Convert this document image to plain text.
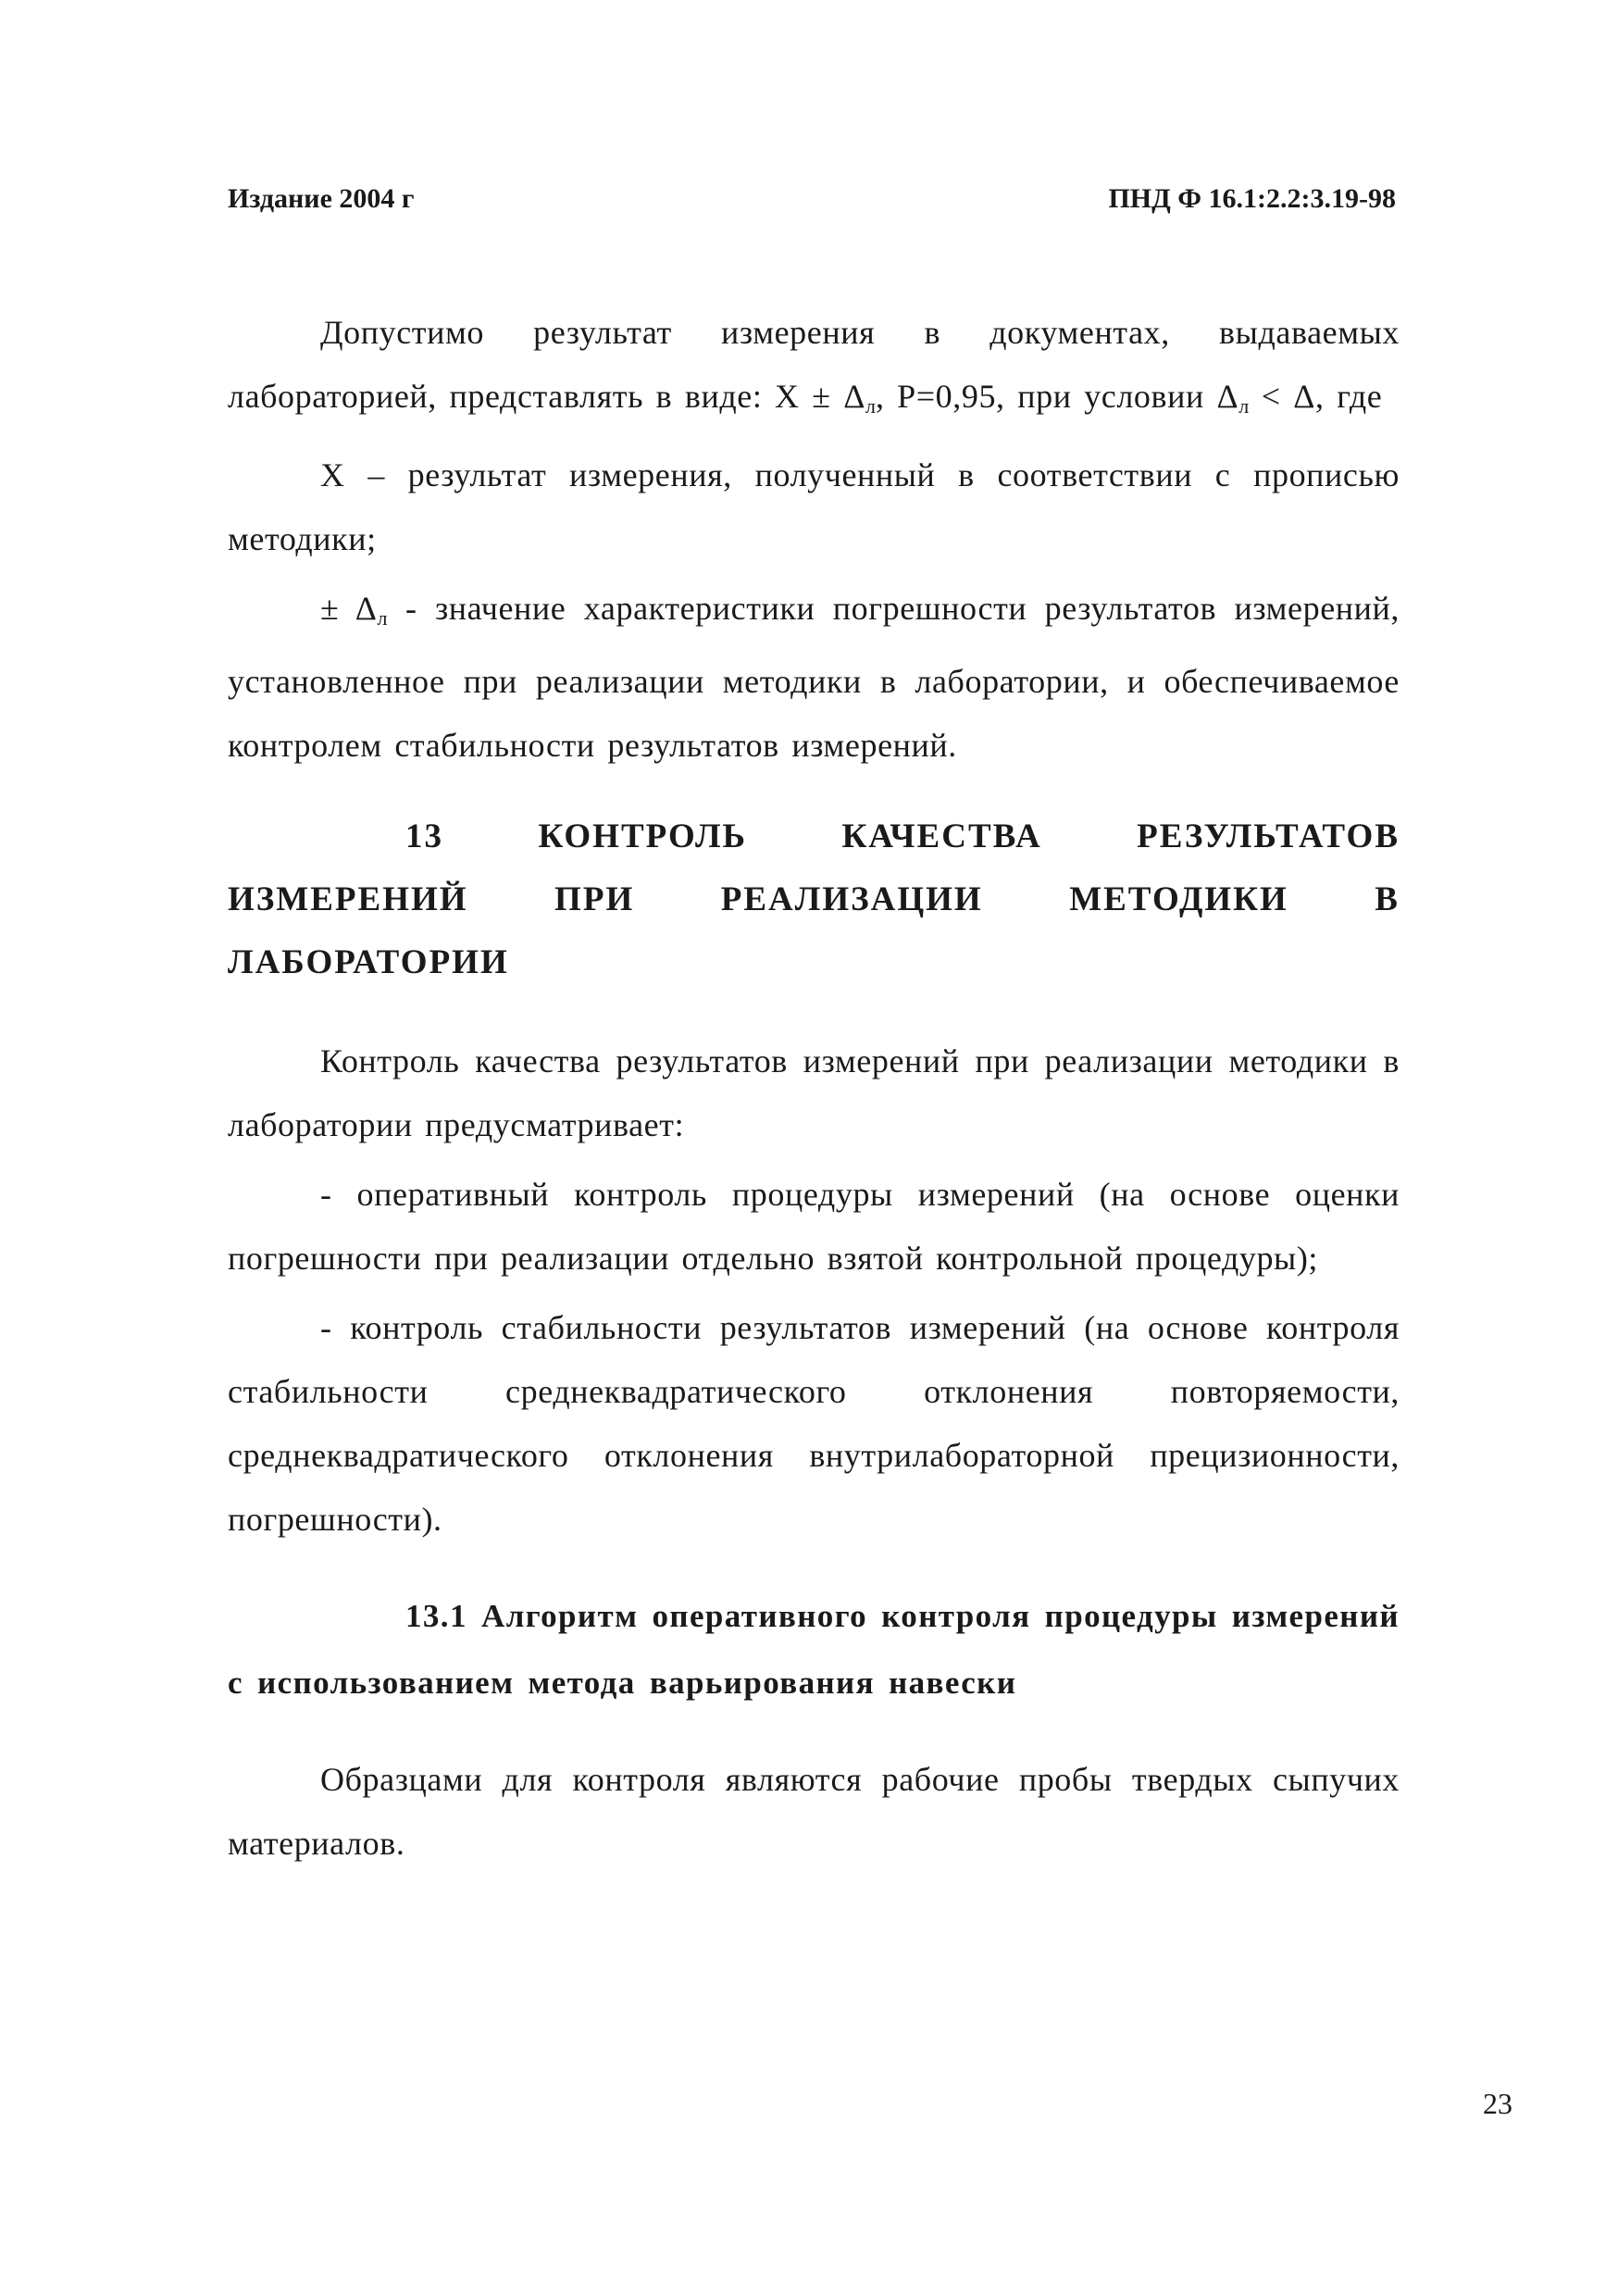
Издание 2004 г	ПНД Ф 16.1:2.2:3.19-98

Допустимо результат измерения в документах, выдаваемых лабораторией, представлять в виде: $X \pm \Delta_л$, P=0,95, при условии $\Delta_л < \Delta$, где

X – результат измерения, полученный в соответствии с прописью методики;

± $\Delta_л$ - значение характеристики погрешности результатов измерений, установленное при реализации методики в лаборатории, и обеспечиваемое контролем стабильности результатов измерений.

13 КОНТРОЛЬ КАЧЕСТВА РЕЗУЛЬТАТОВ ИЗМЕРЕНИЙ ПРИ РЕАЛИЗАЦИИ МЕТОДИКИ В ЛАБОРАТОРИИ

Контроль качества результатов измерений при реализации методики в лаборатории предусматривает:

- оперативный контроль процедуры измерений (на основе оценки погрешности при реализации отдельно взятой контрольной процедуры);

- контроль стабильности результатов измерений (на основе контроля стабильности среднеквадратического отклонения повторяемости, среднеквадратического отклонения внутрилабораторной прецизионности, погрешности).

13.1 Алгоритм оперативного контроля процедуры измерений с использованием метода варьирования навески

Образцами для контроля являются рабочие пробы твердых сыпучих материалов.

23
